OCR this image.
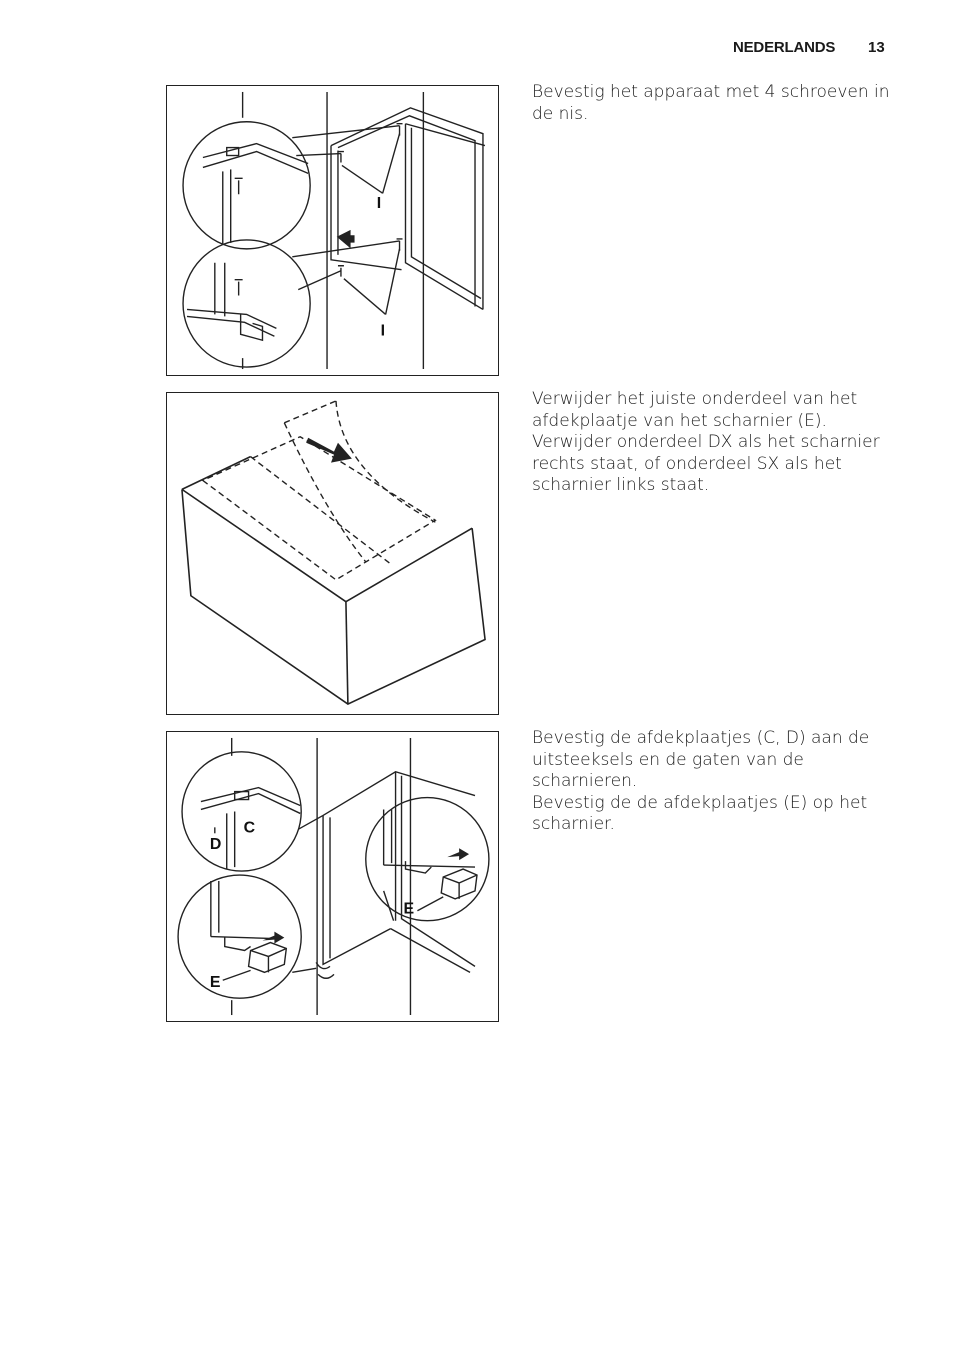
NEDERLANDS 13
I
I

Bevestig het apparaat met 4 schroeven in de nis.

Verwijder het juiste onderdeel van het afdekplaatje van het scharnier (E). Verwijder onderdeel DX als het scharnier rechts staat, of onderdeel SX als het scharnier links staat.

C
D
E
E

Bevestig de afdekplaatjes (C, D) aan de uitsteeksels en de gaten van de scharnieren.

Bevestig de de afdekplaatjes (E) op het scharnier.
